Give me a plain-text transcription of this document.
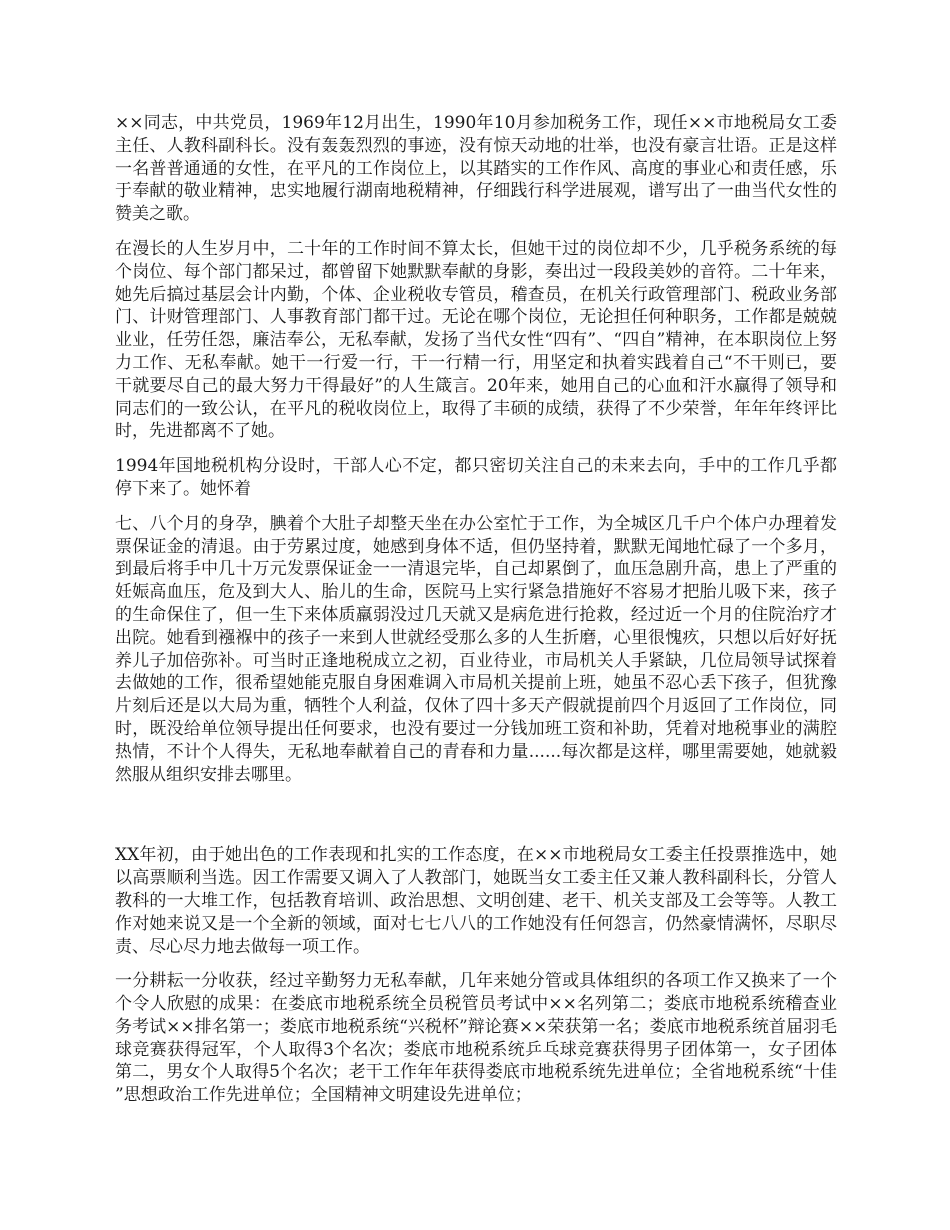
××同志，中共党员，1969年12月出生，1990年10月参加税务工作，现任××市地税局女工委主任、人教科副科长。没有轰轰烈烈的事迹，没有惊天动地的壮举，也没有豪言壮语。正是这样一名普普通通的女性，在平凡的工作岗位上，以其踏实的工作作风、高度的事业心和责任感，乐于奉献的敬业精神，忠实地履行湖南地税精神，仔细践行科学进展观，谱写出了一曲当代女性的赞美之歌。

在漫长的人生岁月中，二十年的工作时间不算太长，但她干过的岗位却不少，几乎税务系统的每个岗位、每个部门都呆过，都曾留下她默默奉献的身影，奏出过一段段美妙的音符。二十年来，她先后搞过基层会计内勤，个体、企业税收专管员，稽查员，在机关行政管理部门、税政业务部门、计财管理部门、人事教育部门都干过。无论在哪个岗位，无论担任何种职务，工作都是兢兢业业，任劳任怨，廉洁奉公，无私奉献，发扬了当代女性“四有”、“四自”精神，在本职岗位上努力工作、无私奉献。她干一行爱一行，干一行精一行，用坚定和执着实践着自己“不干则已，要干就要尽自己的最大努力干得最好”的人生箴言。20年来，她用自己的心血和汗水赢得了领导和同志们的一致公认，在平凡的税收岗位上，取得了丰硕的成绩，获得了不少荣誉，年年年终评比时，先进都离不了她。

1994年国地税机构分设时，干部人心不定，都只密切关注自己的未来去向，手中的工作几乎都停下来了。她怀着

七、八个月的身孕，腆着个大肚子却整天坐在办公室忙于工作，为全城区几千户个体户办理着发票保证金的清退。由于劳累过度，她感到身体不适，但仍坚持着，默默无闻地忙碌了一个多月，到最后将手中几十万元发票保证金一一清退完毕，自己却累倒了，血压急剧升高，患上了严重的妊娠高血压，危及到大人、胎儿的生命，医院马上实行紧急措施好不容易才把胎儿吸下来，孩子的生命保住了，但一生下来体质羸弱没过几天就又是病危进行抢救，经过近一个月的住院治疗才出院。她看到襁褓中的孩子一来到人世就经受那么多的人生折磨，心里很愧疚，只想以后好好抚养儿子加倍弥补。可当时正逢地税成立之初，百业待业，市局机关人手紧缺，几位局领导试探着去做她的工作，很希望她能克服自身困难调入市局机关提前上班，她虽不忍心丢下孩子，但犹豫片刻后还是以大局为重，牺牲个人利益，仅休了四十多天产假就提前四个月返回了工作岗位，同时，既没给单位领导提出任何要求，也没有要过一分钱加班工资和补助，凭着对地税事业的满腔热情，不计个人得失，无私地奉献着自己的青春和力量......每次都是这样，哪里需要她，她就毅然服从组织安排去哪里。

XX年初，由于她出色的工作表现和扎实的工作态度，在××市地税局女工委主任投票推选中，她以高票顺利当选。因工作需要又调入了人教部门，她既当女工委主任又兼人教科副科长，分管人教科的一大堆工作，包括教育培训、政治思想、文明创建、老干、机关支部及工会等等。人教工作对她来说又是一个全新的领域，面对七七八八的工作她没有任何怨言，仍然豪情满怀，尽职尽责、尽心尽力地去做每一项工作。

一分耕耘一分收获，经过辛勤努力无私奉献，几年来她分管或具体组织的各项工作又换来了一个个令人欣慰的成果：在娄底市地税系统全员税管员考试中××名列第二；娄底市地税系统稽查业务考试××排名第一；娄底市地税系统“兴税杯”辩论赛××荣获第一名；娄底市地税系统首届羽毛球竞赛获得冠军，个人取得3个名次；娄底市地税系统乒乓球竞赛获得男子团体第一，女子团体第二，男女个人取得5个名次；老干工作年年获得娄底市地税系统先进单位；全省地税系统“十佳”思想政治工作先进单位；全国精神文明建设先进单位；
